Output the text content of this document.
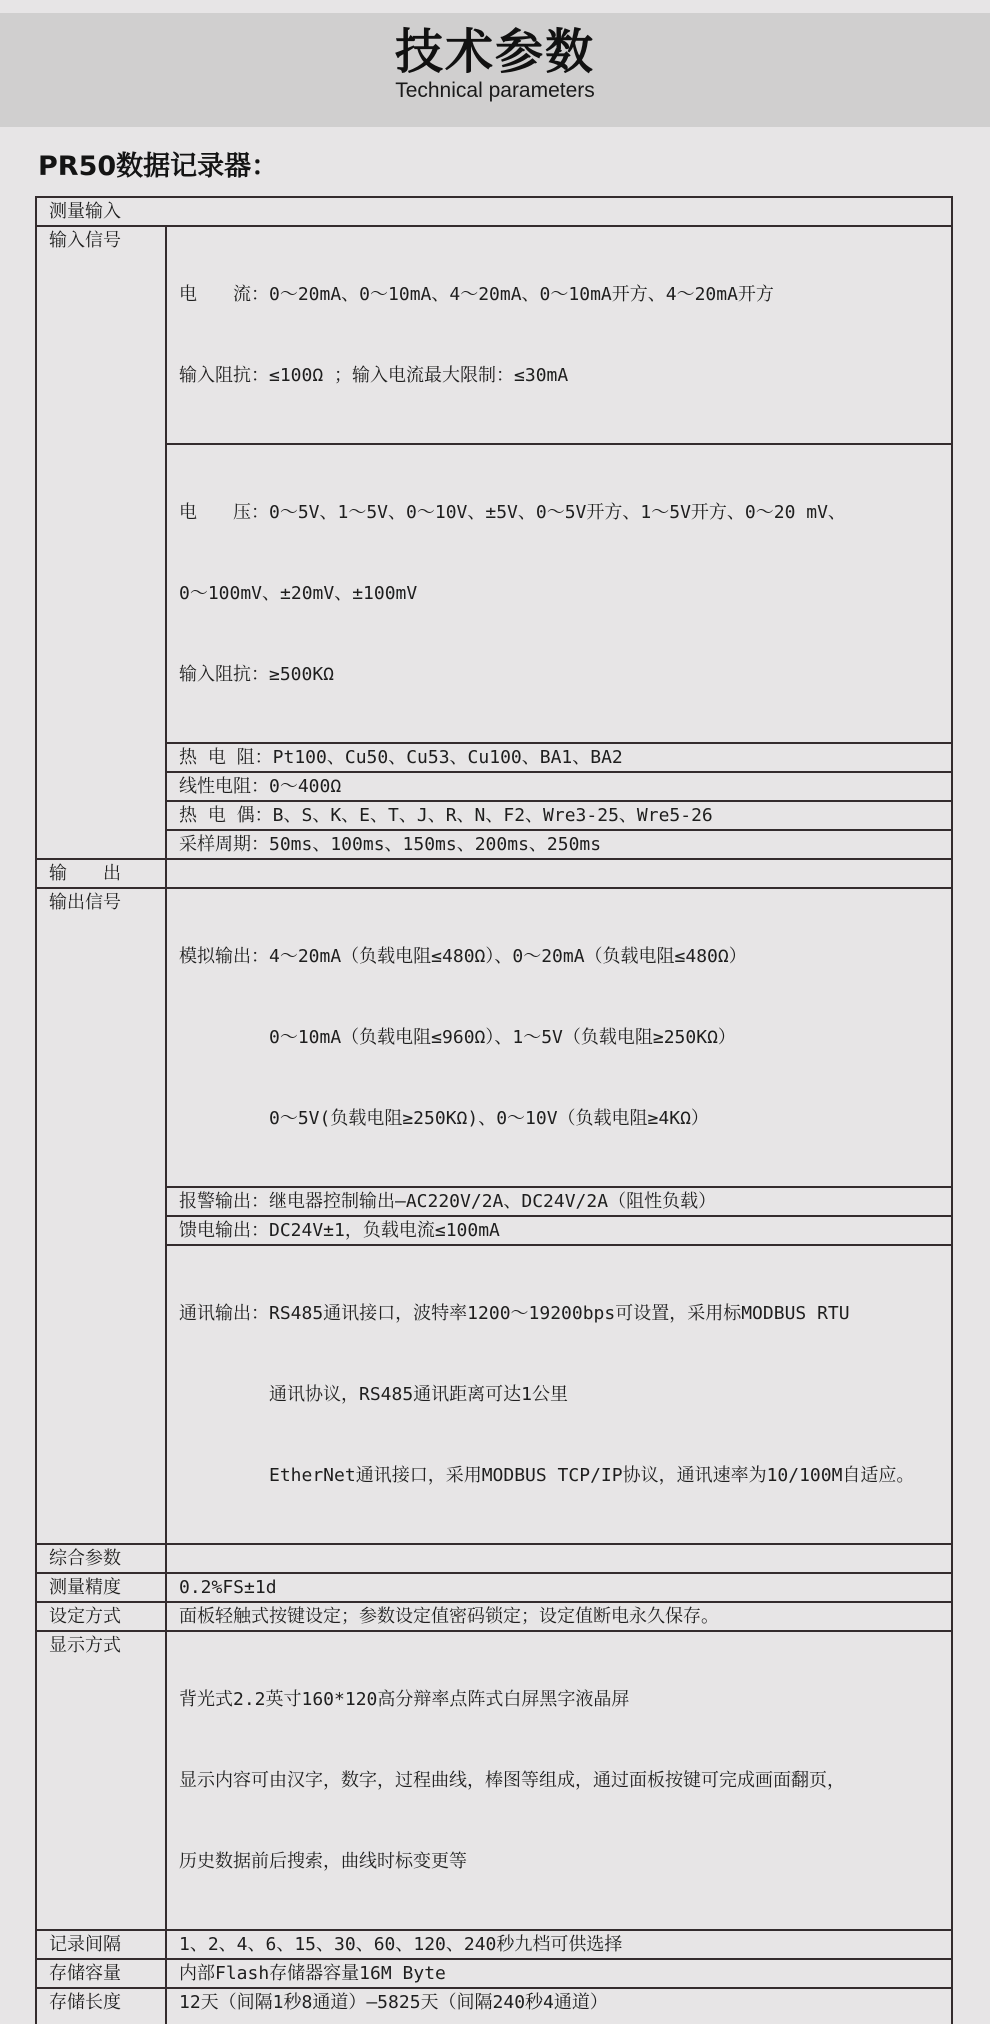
技术参数

Technical parameters

PR50数据记录器：
测量输入	
输入信号	电　　流：0～20mA、0～10mA、4～20mA、0～10mA开方、4～20mA开方

输入阻抗：≤100Ω ；输入电流最大限制：≤30mA

	电　　压：0～5V、1～5V、0～10V、±5V、0～5V开方、1～5V开方、0～20 mV、

0～100mV、±20mV、±100mV

输入阻抗：≥500KΩ

	热 电 阻：Pt100、Cu50、Cu53、Cu100、BA1、BA2
	线性电阻：0～400Ω
	热 电 偶：B、S、K、E、T、J、R、N、F2、Wre3-25、Wre5-26
	采样周期：50ms、100ms、150ms、200ms、250ms
输　　出	
输出信号	模拟输出：4～20mA（负载电阻≤480Ω）、0～20mA（负载电阻≤480Ω）

0～10mA（负载电阻≤960Ω）、1～5V（负载电阻≥250KΩ）

0～5V(负载电阻≥250KΩ)、0～10V（负载电阻≥4KΩ）

	报警输出：继电器控制输出—AC220V/2A、DC24V/2A（阻性负载）
	馈电输出：DC24V±1，负载电流≤100mA

	通讯输出：RS485通讯接口，波特率1200～19200bps可设置，采用标MODBUS RTU

通讯协议，RS485通讯距离可达1公里

EtherNet通讯接口，采用MODBUS TCP/IP协议，通讯速率为10/100M自适应。

综合参数	
测量精度	0.2%FS±1d
设定方式	面板轻触式按键设定；参数设定值密码锁定；设定值断电永久保存。
显示方式	背光式2.2英寸160*120高分辩率点阵式白屏黑字液晶屏

显示内容可由汉字，数字，过程曲线，棒图等组成，通过面板按键可完成画面翻页，

历史数据前后搜索，曲线时标变更等

记录间隔	1、2、4、6、15、30、60、120、240秒九档可供选择
存储容量	内部Flash存储器容量16M Byte
存储长度	12天（间隔1秒8通道）—5825天（间隔240秒4通道）
